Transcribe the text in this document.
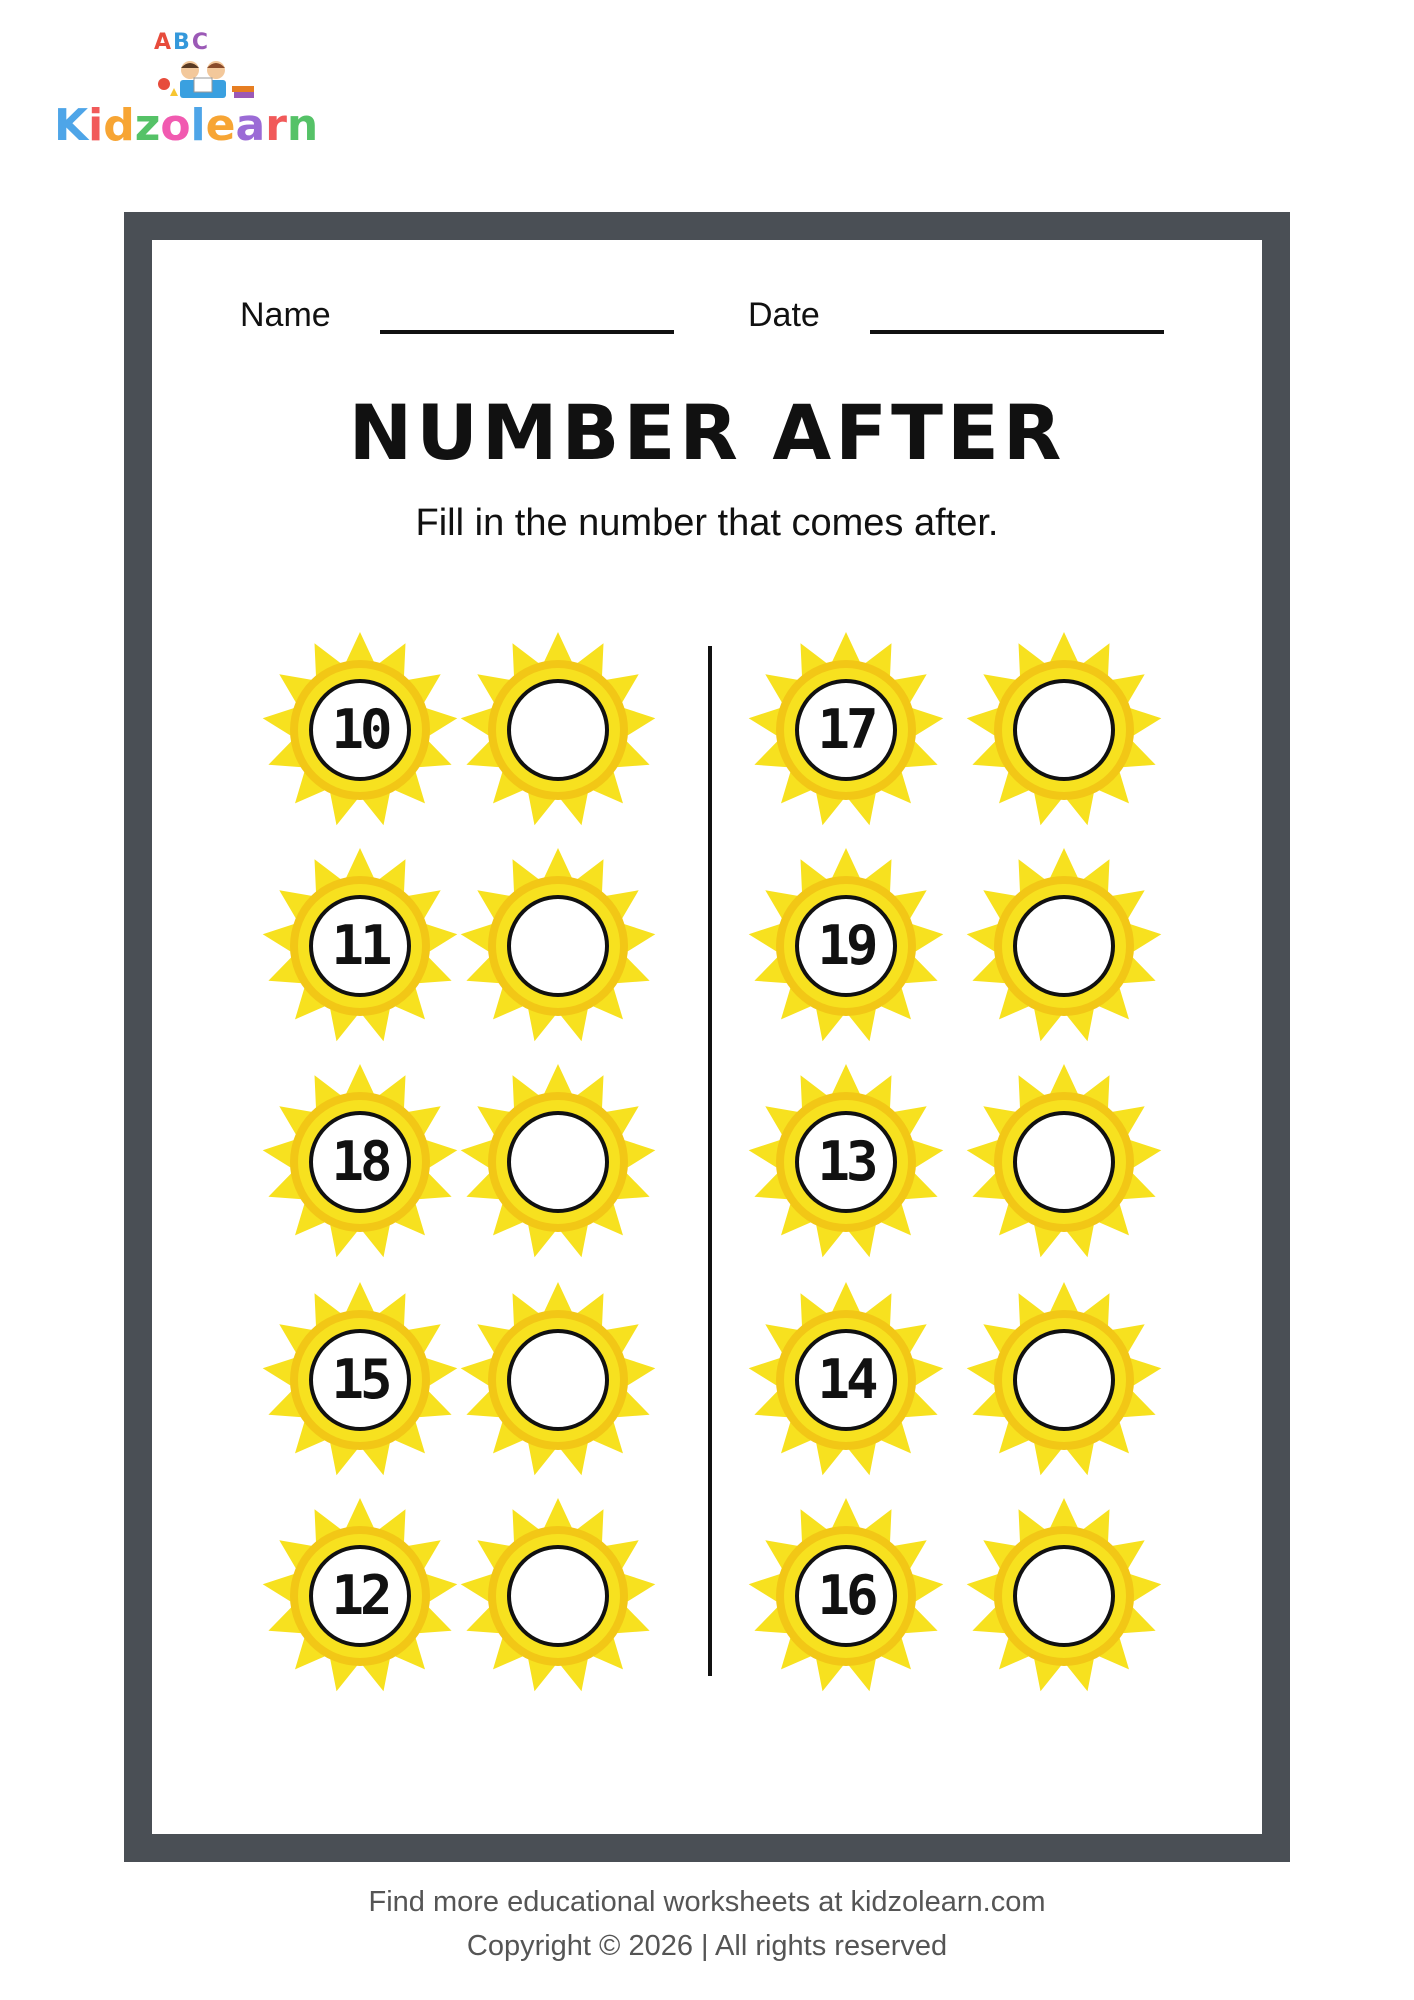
ABC
Kidzolearn
Name	Date
NUMBER AFTER
Fill in the number that comes after.
10
11
18
15
12
17
19
13
14
16
Find more educational worksheets at kidzolearn.com
Copyright © 2026 | All rights reserved
